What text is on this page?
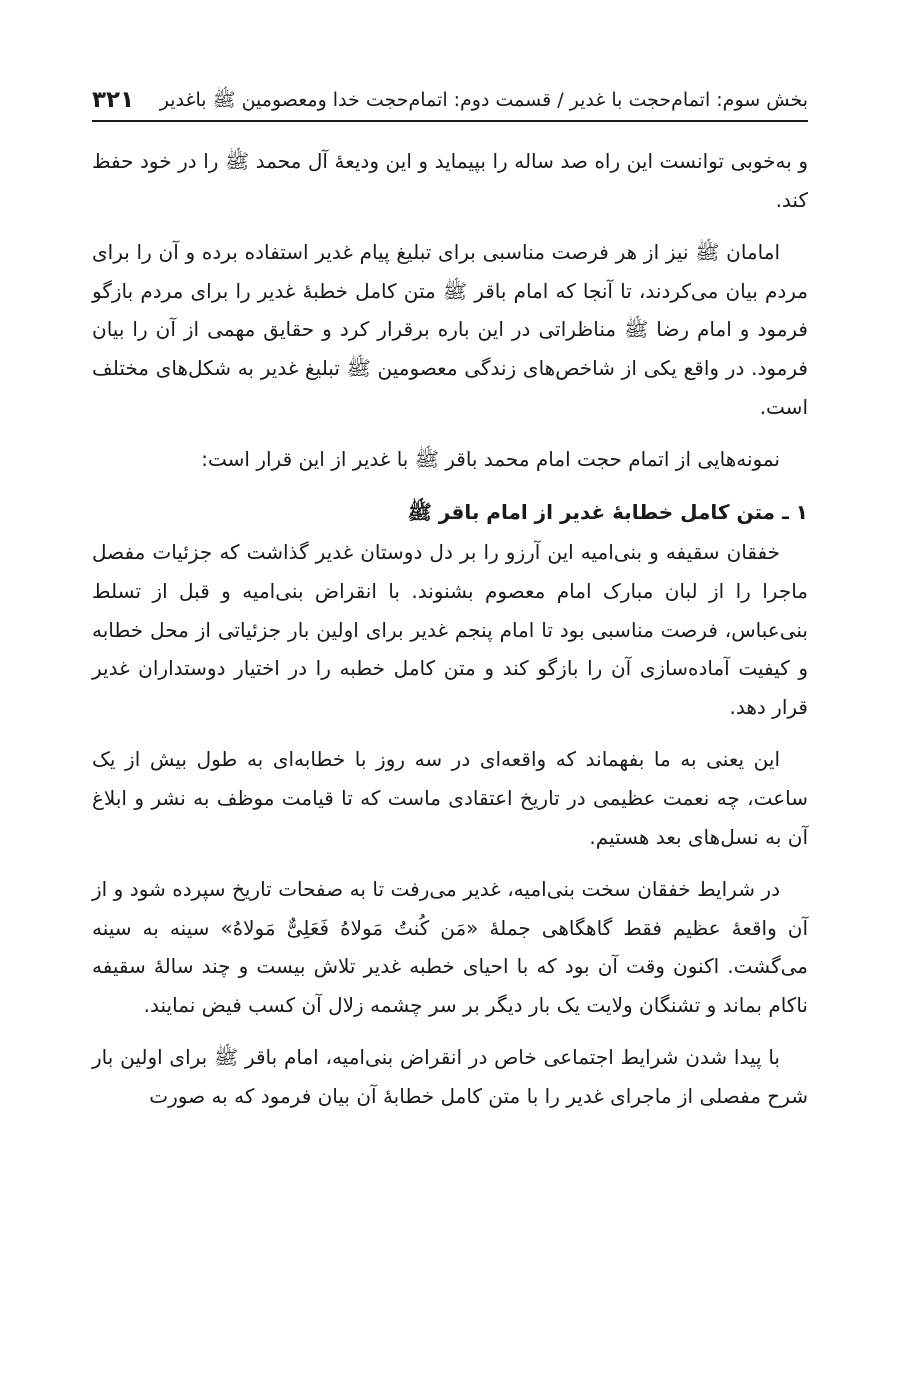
بخش سوم: اتمام‌حجت با غدیر / قسمت دوم: اتمام‌حجت خدا ومعصومین ﷺ باغدیر
۳۲۱

و به‌خوبی توانست این راه صد ساله را بپیماید و این ودیعهٔ آل محمد ﷺ را در خود حفظ کند.

امامان ﷺ نیز از هر فرصت مناسبی برای تبلیغ پیام غدیر استفاده برده و آن را برای مردم بیان می‌کردند، تا آنجا که امام باقر ﷺ متن کامل خطبهٔ غدیر را برای مردم بازگو فرمود و امام رضا ﷺ مناظراتی در این باره برقرار کرد و حقایق مهمی از آن را بیان فرمود. در واقع یکی از شاخص‌های زندگی معصومین ﷺ تبلیغ غدیر به شکل‌های مختلف است.

نمونه‌هایی از اتمام حجت امام محمد باقر ﷺ با غدیر از این قرار است:

۱ ـ متن کامل خطابهٔ غدیر از امام باقر ﷺ

خفقان سقیفه و بنی‌امیه این آرزو را بر دل دوستان غدیر گذاشت که جزئیات مفصل ماجرا را از لبان مبارک امام معصوم بشنوند. با انقراض بنی‌امیه و قبل از تسلط بنی‌عباس، فرصت مناسبی بود تا امام پنجم غدیر برای اولین بار جزئیاتی از محل خطابه و کیفیت آماده‌سازی آن را بازگو کند و متن کامل خطبه را در اختیار دوستداران غدیر قرار دهد.

این یعنی به ما بفهماند که واقعه‌ای در سه روز با خطابه‌ای به طول بیش از یک ساعت، چه نعمت عظیمی در تاریخ اعتقادی ماست که تا قیامت موظف به نشر و ابلاغ آن به نسل‌های بعد هستیم.

در شرایط خفقان سخت بنی‌امیه، غدیر می‌رفت تا به صفحات تاریخ سپرده شود و از آن واقعهٔ عظیم فقط گاهگاهی جملهٔ «مَن کُنتُ مَولاهُ فَعَلِیٌّ مَولاهُ» سینه به سینه می‌گشت. اکنون وقت آن بود که با احیای خطبه غدیر تلاش بیست و چند سالهٔ سقیفه ناکام بماند و تشنگان ولایت یک بار دیگر بر سر چشمه زلال آن کسب فیض نمایند.

با پیدا شدن شرایط اجتماعی خاص در انقراض بنی‌امیه، امام باقر ﷺ برای اولین بار شرح مفصلی از ماجرای غدیر را با متن کامل خطابهٔ آن بیان فرمود که به صورت
